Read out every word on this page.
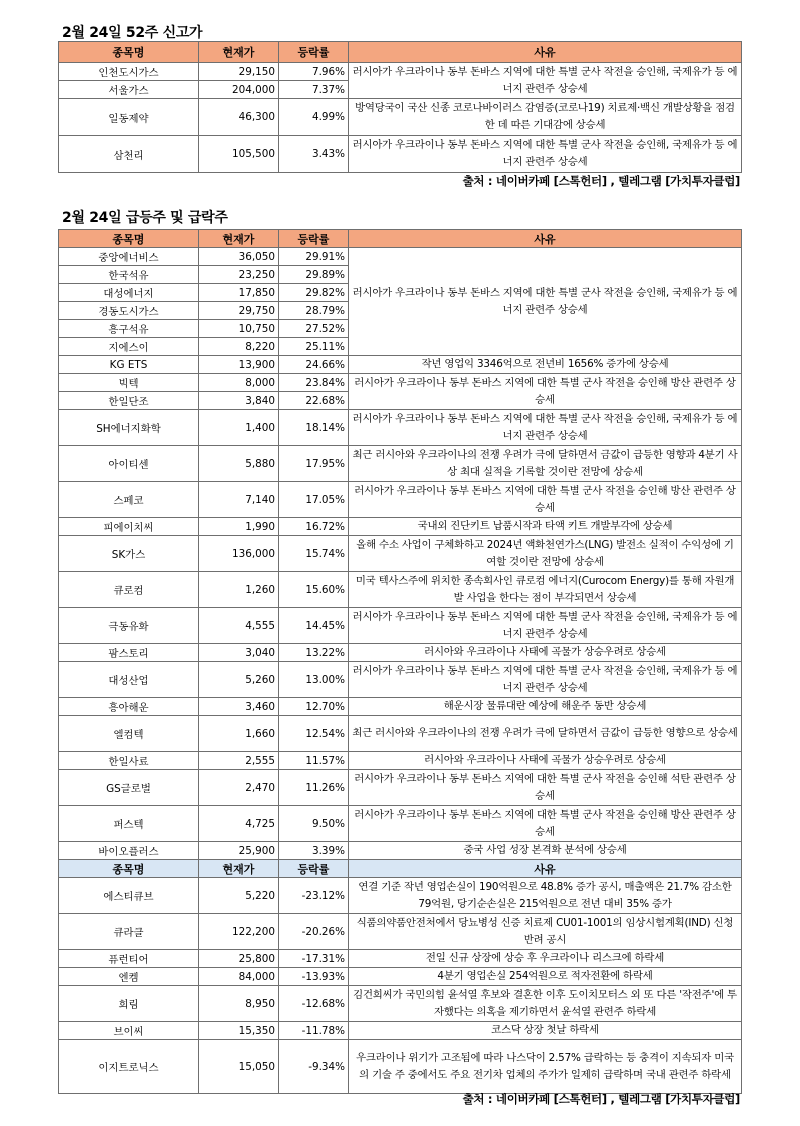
2월 24일 52주 신고가
종목명	현재가	등락률	사유
인천도시가스	29,150	7.96%	러시아가 우크라이나 동부 돈바스 지역에 대한 특별 군사 작전을 승인해, 국제유가 등 에너지 관련주 상승세
서울가스	204,000	7.37%	
일동제약	46,300	4.99%	방역당국이 국산 신종 코로나바이러스 감염증(코로나19) 치료제·백신 개발상황을 점검한 데 따른 기대감에 상승세
삼천리	105,500	3.43%	러시아가 우크라이나 동부 돈바스 지역에 대한 특별 군사 작전을 승인해, 국제유가 등 에너지 관련주 상승세
출처 : 네이버카페 [스톡헌터] , 텔레그램 [가치투자클럽]
2월 24일 급등주 및 급락주
종목명	현재가	등락률	사유
중앙에너비스	36,050	29.91%	러시아가 우크라이나 동부 돈바스 지역에 대한 특별 군사 작전을 승인해, 국제유가 등 에너지 관련주 상승세
한국석유	23,250	29.89%	
대성에너지	17,850	29.82%	
경동도시가스	29,750	28.79%	
흥구석유	10,750	27.52%	
지에스이	8,220	25.11%	
KG ETS	13,900	24.66%	작년 영업익 3346억으로 전년비 1656% 증가에 상승세
빅텍	8,000	23.84%	러시아가 우크라이나 동부 돈바스 지역에 대한 특별 군사 작전을 승인해 방산 관련주 상승세
한일단조	3,840	22.68%	
SH에너지화학	1,400	18.14%	러시아가 우크라이나 동부 돈바스 지역에 대한 특별 군사 작전을 승인해, 국제유가 등 에너지 관련주 상승세
아이티센	5,880	17.95%	최근 러시아와 우크라이나의 전쟁 우려가 극에 달하면서 금값이 급등한 영향과 4분기 사상 최대 실적을 기록할 것이란 전망에 상승세
스페코	7,140	17.05%	러시아가 우크라이나 동부 돈바스 지역에 대한 특별 군사 작전을 승인해 방산 관련주 상승세
피에이치씨	1,990	16.72%	국내외 진단키트 납품시작과 타액 키트 개발부각에 상승세
SK가스	136,000	15.74%	올해 수소 사업이 구체화하고 2024년 액화천연가스(LNG) 발전소 실적이 수익성에 기여할 것이란 전망에 상승세
큐로컴	1,260	15.60%	미국 텍사스주에 위치한 종속회사인 큐로컴 에너지(Curocom Energy)를 통해 자원개발 사업을 한다는 점이 부각되면서 상승세
극동유화	4,555	14.45%	러시아가 우크라이나 동부 돈바스 지역에 대한 특별 군사 작전을 승인해, 국제유가 등 에너지 관련주 상승세
팜스토리	3,040	13.22%	러시아와 우크라이나 사태에 곡물가 상승우려로 상승세
대성산업	5,260	13.00%	러시아가 우크라이나 동부 돈바스 지역에 대한 특별 군사 작전을 승인해, 국제유가 등 에너지 관련주 상승세
흥아해운	3,460	12.70%	해운시장 물류대란 예상에 해운주 동반 상승세
엘컴텍	1,660	12.54%	최근 러시아와 우크라이나의 전쟁 우려가 극에 달하면서 금값이 급등한 영향으로 상승세
한일사료	2,555	11.57%	러시아와 우크라이나 사태에 곡물가 상승우려로 상승세
GS글로벌	2,470	11.26%	러시아가 우크라이나 동부 돈바스 지역에 대한 특별 군사 작전을 승인해 석탄 관련주 상승세
퍼스텍	4,725	9.50%	러시아가 우크라이나 동부 돈바스 지역에 대한 특별 군사 작전을 승인해 방산 관련주 상승세
바이오플러스	25,900	3.39%	중국 사업 성장 본격화 분석에 상승세
종목명	현재가	등락률	사유
에스티큐브	5,220	-23.12%	연결 기준 작년 영업손실이 190억원으로 48.8% 증가 공시, 매출액은 21.7% 감소한 79억원, 당기순손실은 215억원으로 전년 대비 35% 증가
큐라클	122,200	-20.26%	식품의약품안전처에서 당뇨병성 신증 치료제 CU01-1001의 임상시험계획(IND) 신청 반려 공시
퓨런티어	25,800	-17.31%	전일 신규 상장에 상승 후 우크라이나 리스크에 하락세
엔켐	84,000	-13.93%	4분기 영업손실 254억원으로 적자전환에 하락세
희림	8,950	-12.68%	김건희씨가 국민의힘 윤석열 후보와 결혼한 이후 도이치모터스 외 또 다른 '작전주'에 투자했다는 의혹을 제기하면서 윤석열 관련주 하락세
브이씨	15,350	-11.78%	코스닥 상장 첫날 하락세
이지트로닉스	15,050	-9.34%	우크라이나 위기가 고조됨에 따라 나스닥이 2.57% 급락하는 등 충격이 지속되자 미국의 기술 주 중에서도 주요 전기차 업체의 주가가 일제히 급락하며 국내 관련주 하락세
출처 : 네이버카페 [스톡헌터] , 텔레그램 [가치투자클럽]
